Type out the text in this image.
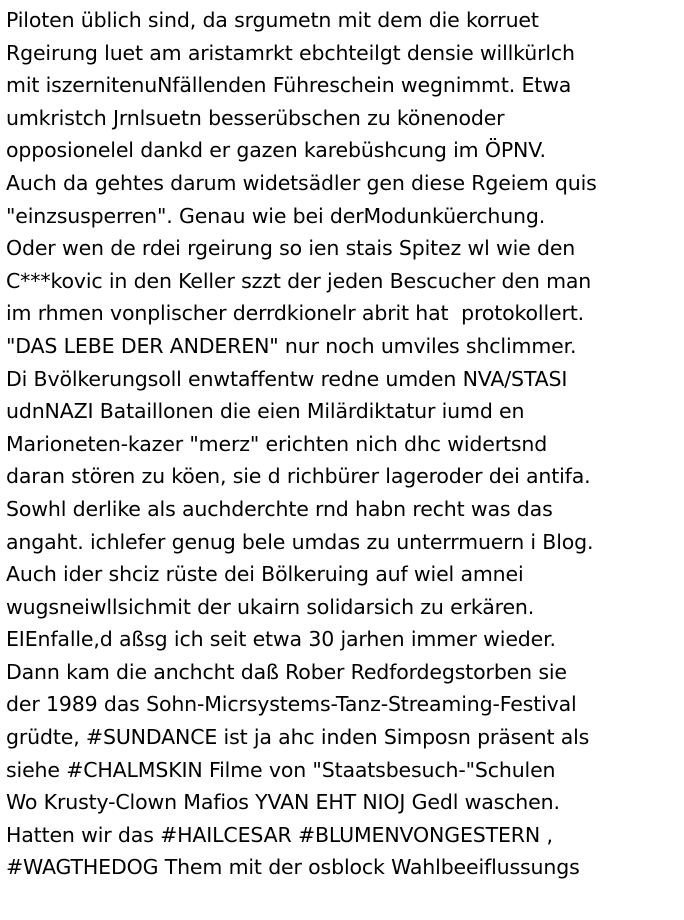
Piloten üblich sind, da srgumetn mit dem die korruet
Rgeirung luet am aristamrkt ebchteilgt densie willkürlch
mit iszernitenuNfällenden Führeschein wegnimmt. Etwa
umkristch Jrnlsuetn besserübschen zu könenoder
opposionelel dankd er gazen karebüshcung im ÖPNV.
Auch da gehtes darum widetsädler gen diese Rgeiem quis
"einzsusperren". Genau wie bei derModunküerchung.
Oder wen de rdei rgeirung so ien stais Spitez wl wie den
C***kovic in den Keller szzt der jeden Bescucher den man
im rhmen vonplischer derrdkionelr abrit hat  protokollert.
"DAS LEBE DER ANDEREN" nur noch umviles shclimmer.
Di Bvölkerungsoll enwtaffentw redne umden NVA/STASI
udnNAZI Bataillonen die eien Milärdiktatur iumd en
Marioneten-kazer "merz" erichten nich dhc widertsnd
daran stören zu köen, sie d richbürer lageroder dei antifa.
Sowhl derlike als auchderchte rnd habn recht was das
angaht. ichlefer genug bele umdas zu unterrmuern i Blog.
Auch ider shciz rüste dei Bölkeruing auf wiel amnei
wugsneiwllsichmit der ukairn solidarsich zu erkären.
EIEnfalle,d aßsg ich seit etwa 30 jarhen immer wieder.
Dann kam die anchcht daß Rober Redfordegstorben sie
der 1989 das Sohn-Micrsystems-Tanz-Streaming-Festival
grüdte, #SUNDANCE ist ja ahc inden Simposn präsent als
siehe #CHALMSKIN Filme von "Staatsbesuch-"Schulen
Wo Krusty-Clown Mafios YVAN EHT NIOJ Gedl waschen.
Hatten wir das #HAILCESAR #BLUMENVONGESTERN ,
#WAGTHEDOG Them mit der osblock Wahlbeeiflussungs
